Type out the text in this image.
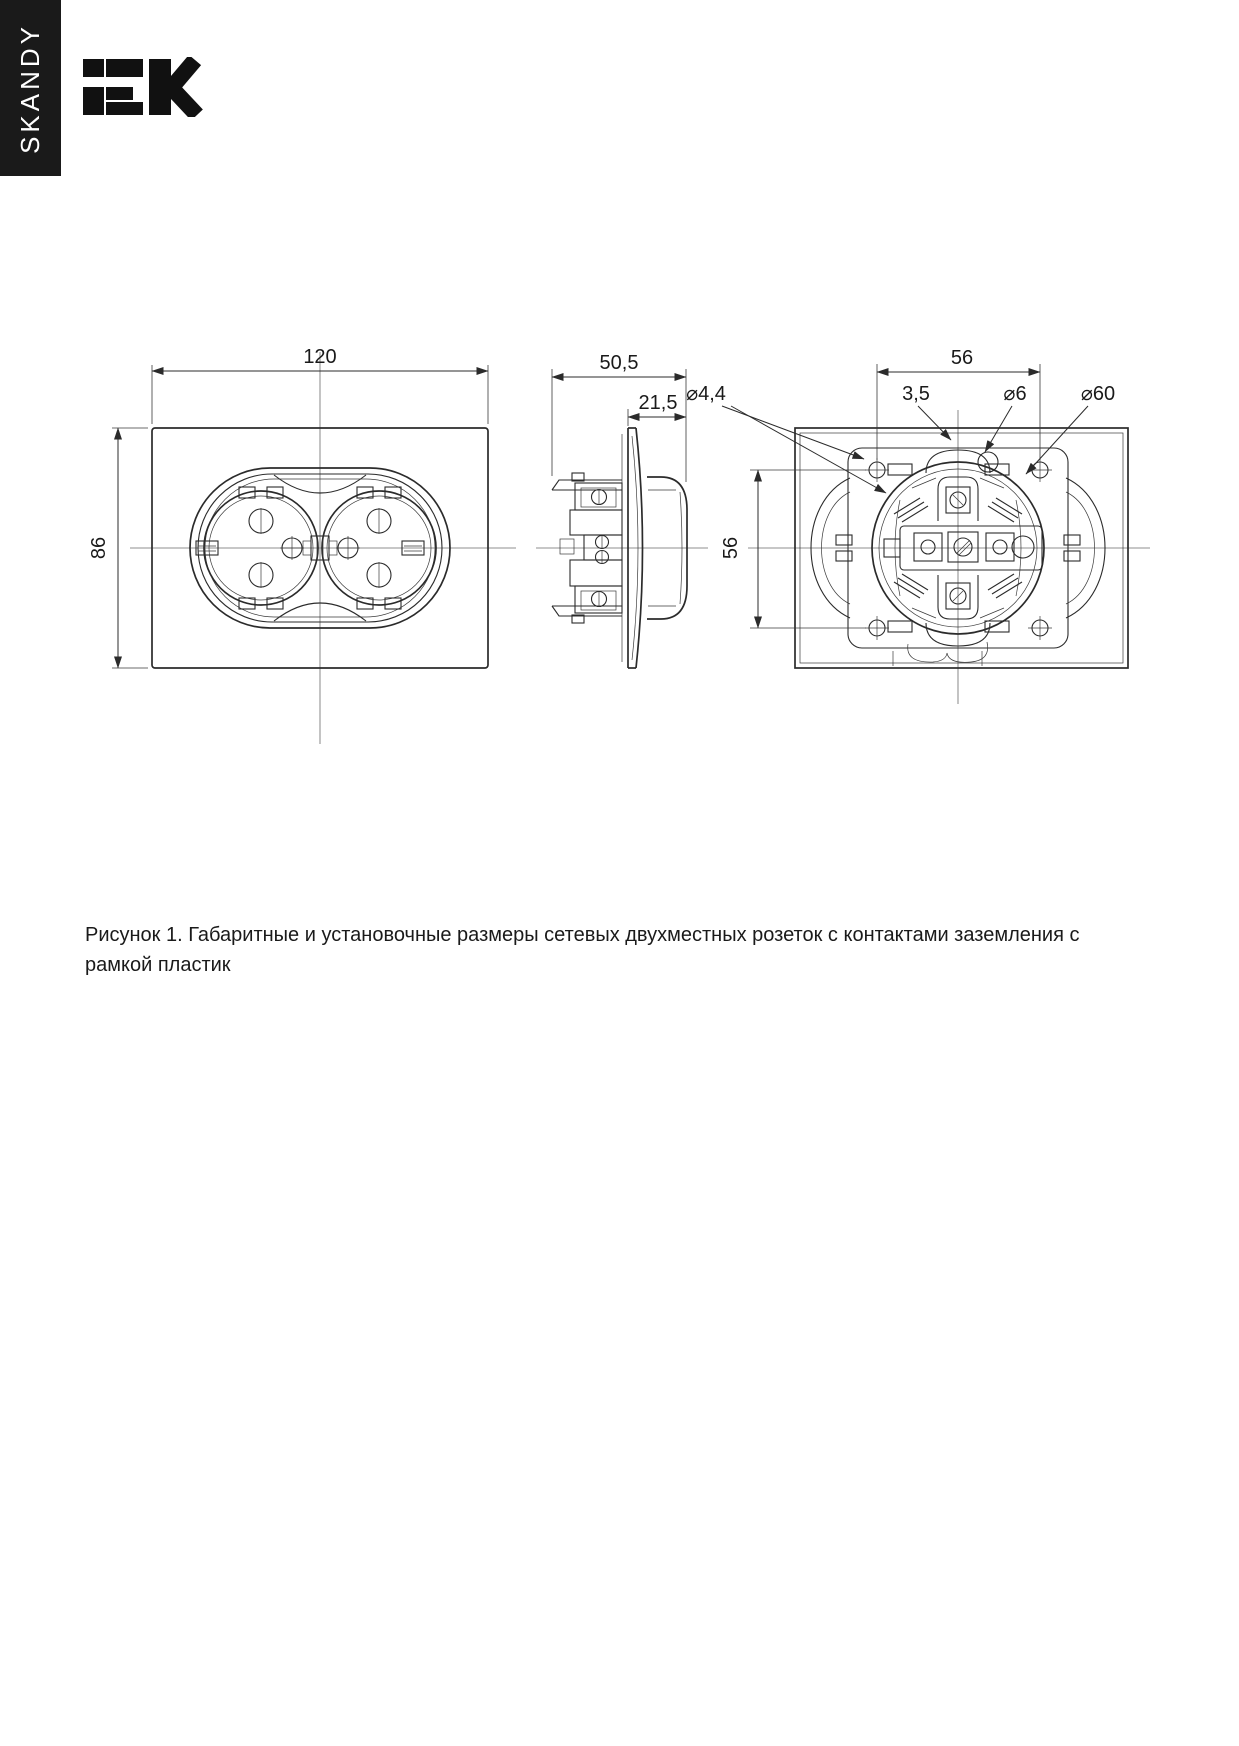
SKANDY
120
86
50,5
21,5
56
56
⌀4,4	3,5	⌀6	⌀60
Рисунок 1. Габаритные и установочные размеры сетевых двухместных розеток с контактами заземления с
рамкой пластик
